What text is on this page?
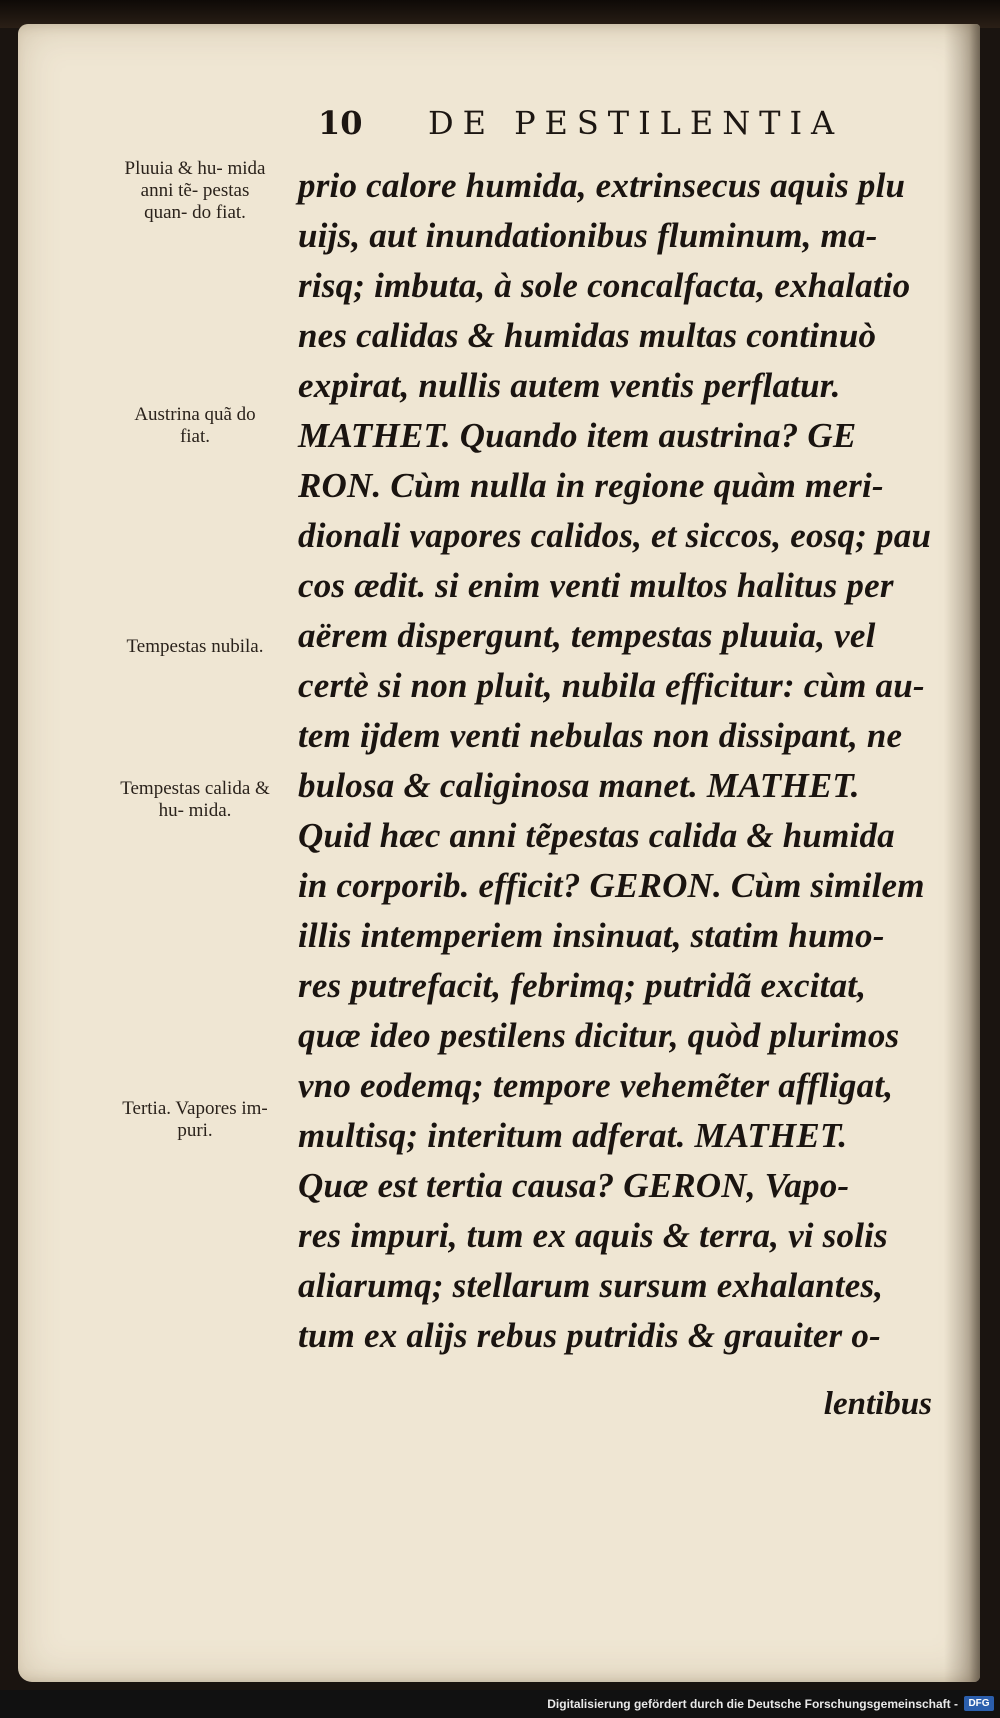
10 DE PESTILENTIA
Pluuia & hu- mida anni tẽ- pestas quan- do fiat.
Austrina quã do fiat.
Tempestas nubila.
Tempestas calida & hu- mida.
Tertia. Vapores im- puri.
prio calore humida, extrinsecus aquis plu
uijs, aut inundationibus fluminum, ma-
risq; imbuta, à sole concalfacta, exhalatio
nes calidas & humidas multas continuò
expirat, nullis autem ventis perflatur.
MATHET. Quando item austrina? GE
RON. Cùm nulla in regione quàm meri-
dionali vapores calidos, et siccos, eosq; pau
cos ædit. si enim venti multos halitus per
aërem dispergunt, tempestas pluuia, vel
certè si non pluit, nubila efficitur: cùm au-
tem ijdem venti nebulas non dissipant, ne
bulosa & caliginosa manet. MATHET.
Quid hæc anni tẽpestas calida & humida
in corporib. efficit? GERON. Cùm similem
illis intemperiem insinuat, statim humo-
res putrefacit, febrimq; putridã excitat,
quæ ideo pestilens dicitur, quòd plurimos
vno eodemq; tempore vehemẽter affligat,
multisq; interitum adferat. MATHET.
Quæ est tertia causa? GERON, Vapo-
res impuri, tum ex aquis & terra, vi solis
aliarumq; stellarum sursum exhalantes,
tum ex alijs rebus putridis & grauiter o-
lentibus
Digitalisierung gefördert durch die Deutsche Forschungsgemeinschaft -	DFG
